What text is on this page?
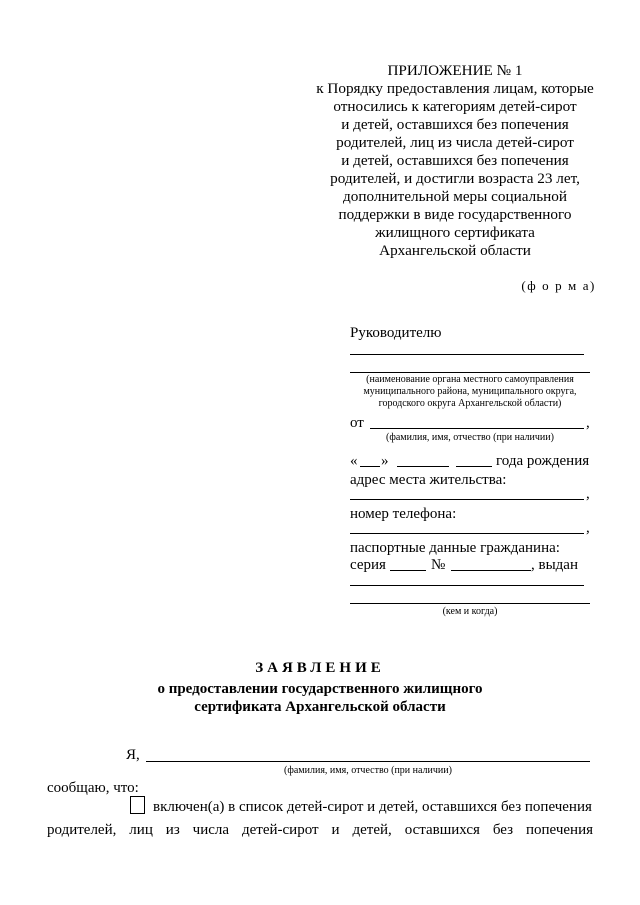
ПРИЛОЖЕНИЕ № 1
к Порядку предоставления лицам, которые
относились к категориям детей-сирот
и детей, оставшихся без попечения
родителей, лиц из числа детей-сирот
и детей, оставшихся без попечения
родителей, и достигли возраста 23 лет,
дополнительной меры социальной
поддержки в виде государственного
жилищного сертификата
Архангельской области
(ф о р м а)
Руководителю
(наименование органа местного самоуправления
муниципального района, муниципального округа,
городского округа Архангельской области)
от	,
(фамилия, имя, отчество (при наличии)
« »	года рождения
адрес места жительства:
,
номер телефона:
,
паспортные данные гражданина:
серия	№	, выдан
(кем и когда)
ЗАЯВЛЕНИЕ
о предоставлении государственного жилищного
сертификата Архангельской области
Я,
(фамилия, имя, отчество (при наличии)
сообщаю, что:
включен(а) в список детей-сирот и детей, оставшихся без попечения
родителей, лиц из числа детей-сирот и детей, оставшихся без попечения
